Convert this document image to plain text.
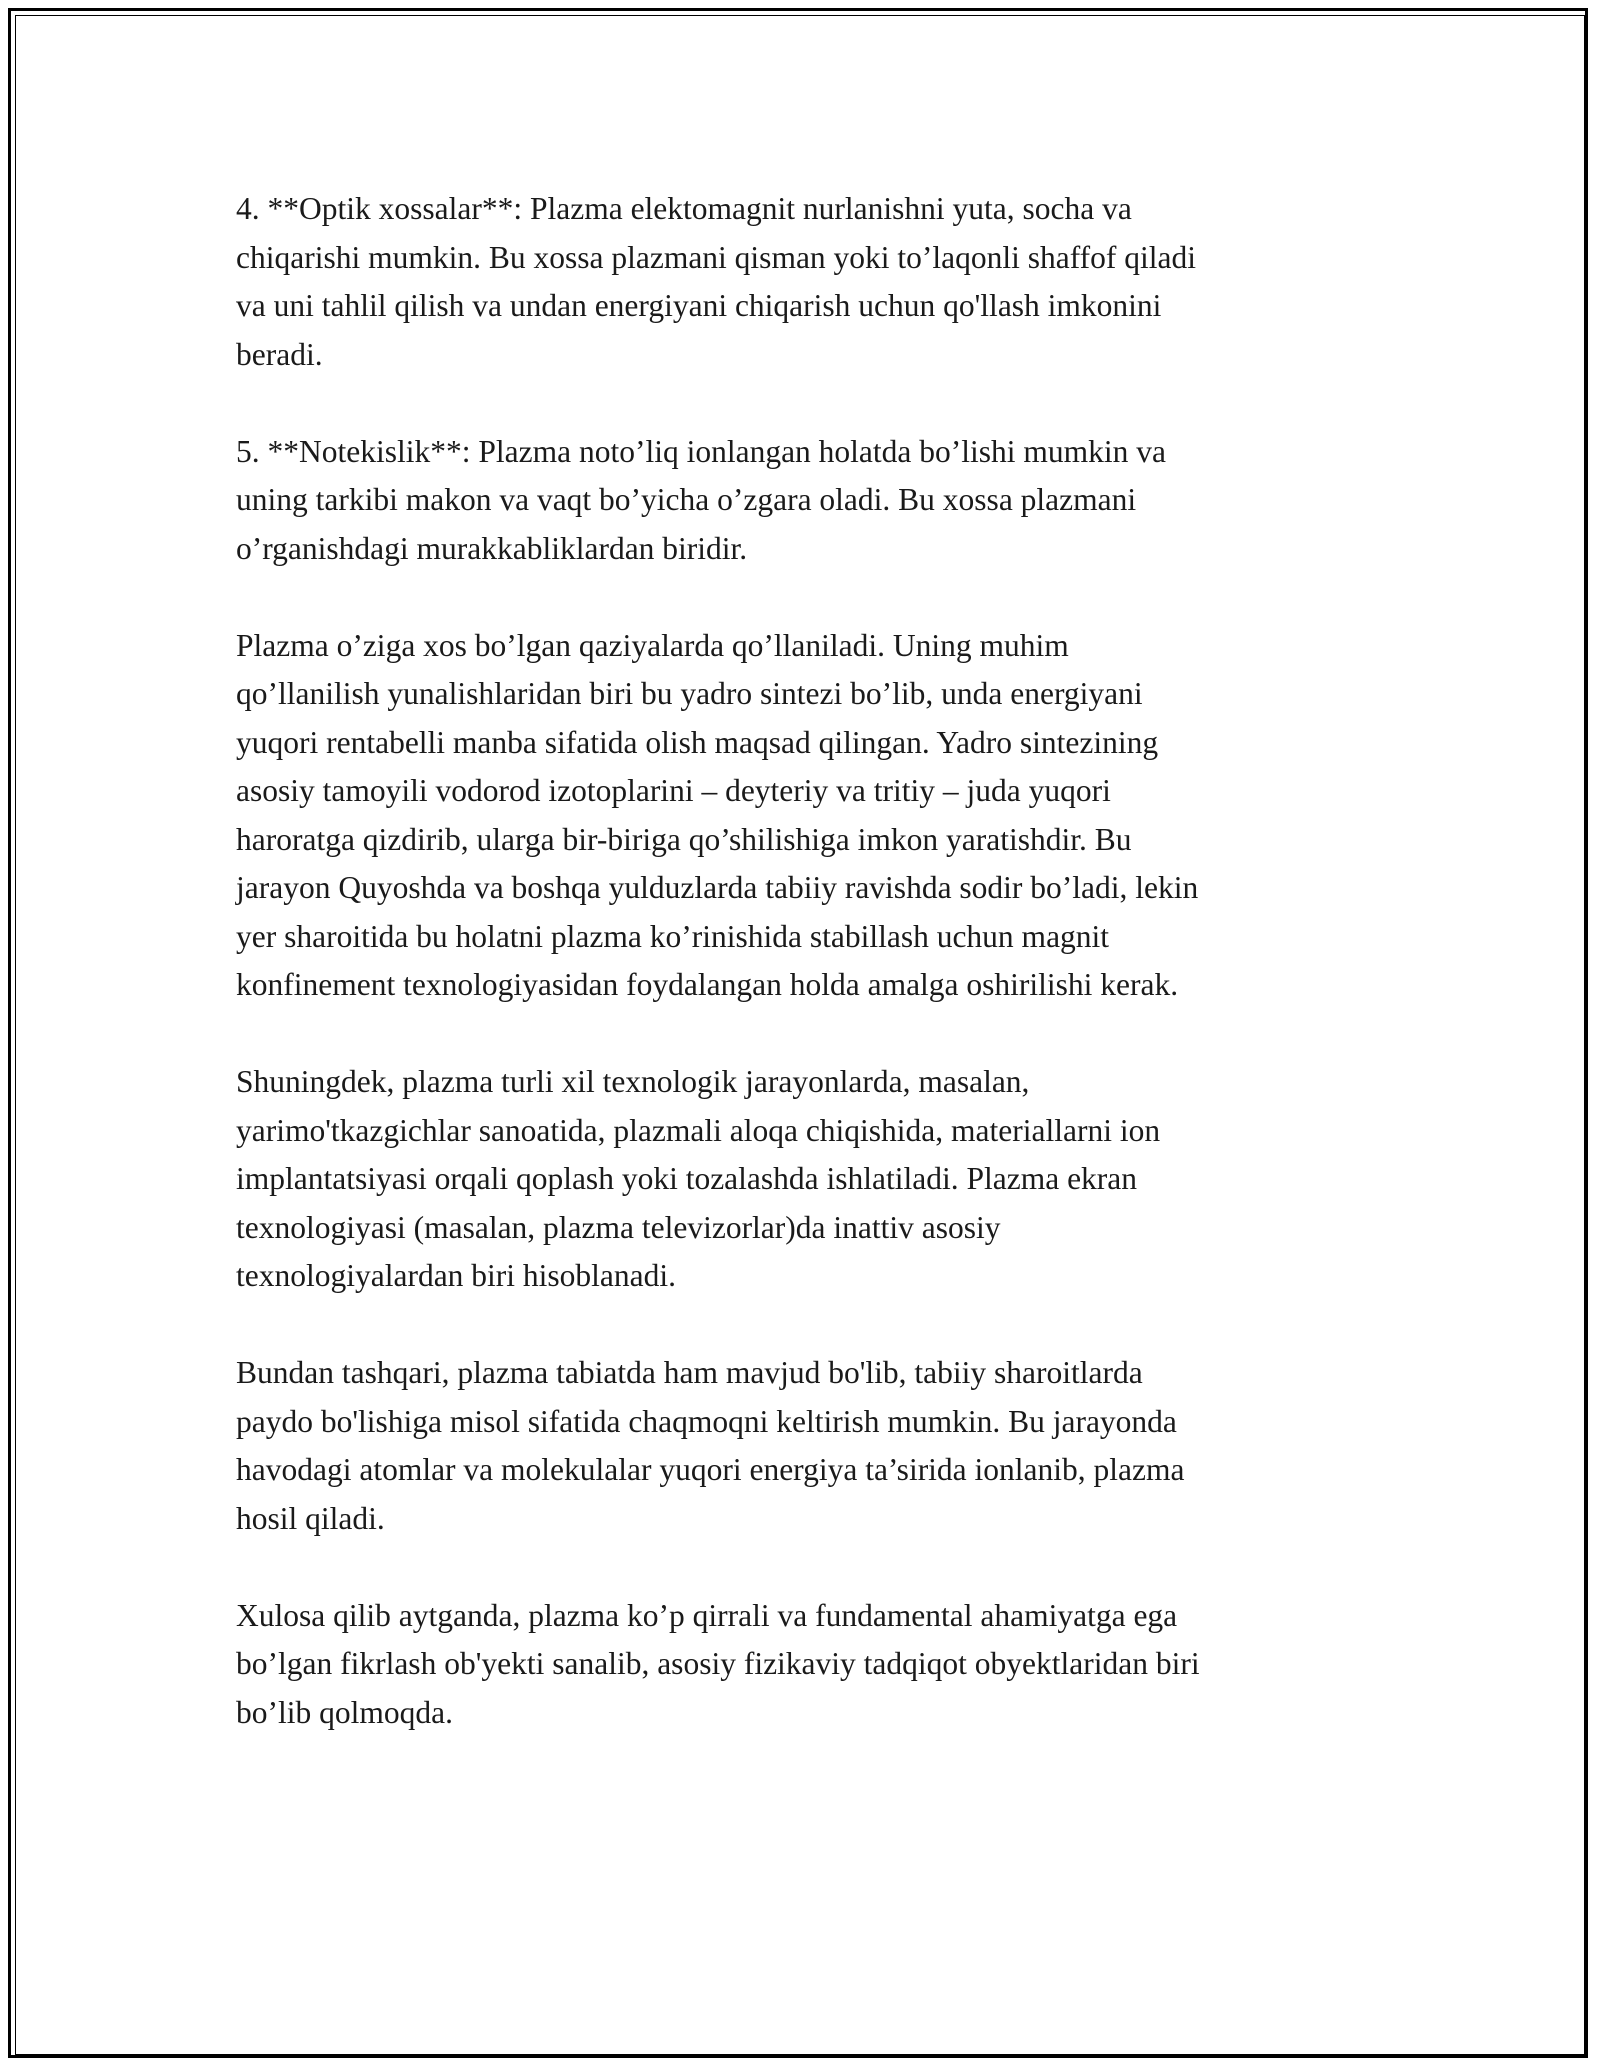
4. **Optik xossalar**: Plazma elektomagnit nurlanishni yuta, socha va
chiqarishi mumkin. Bu xossa plazmani qisman yoki to’laqonli shaffof qiladi
va uni tahlil qilish va undan energiyani chiqarish uchun qo'llash imkonini
beradi.

5. **Notekislik**: Plazma noto’liq ionlangan holatda bo’lishi mumkin va
uning tarkibi makon va vaqt bo’yicha o’zgara oladi. Bu xossa plazmani
o’rganishdagi murakkabliklardan biridir.

Plazma o’ziga xos bo’lgan qaziyalarda qo’llaniladi. Uning muhim
qo’llanilish yunalishlaridan biri bu yadro sintezi bo’lib, unda energiyani
yuqori rentabelli manba sifatida olish maqsad qilingan. Yadro sintezining
asosiy tamoyili vodorod izotoplarini – deyteriy va tritiy – juda yuqori
haroratga qizdirib, ularga bir-biriga qo’shilishiga imkon yaratishdir. Bu
jarayon Quyoshda va boshqa yulduzlarda tabiiy ravishda sodir bo’ladi, lekin
yer sharoitida bu holatni plazma ko’rinishida stabillash uchun magnit
konfinement texnologiyasidan foydalangan holda amalga oshirilishi kerak.

Shuningdek, plazma turli xil texnologik jarayonlarda, masalan,
yarimo'tkazgichlar sanoatida, plazmali aloqa chiqishida, materiallarni ion
implantatsiyasi orqali qoplash yoki tozalashda ishlatiladi. Plazma ekran
texnologiyasi (masalan, plazma televizorlar)da inattiv asosiy
texnologiyalardan biri hisoblanadi.

Bundan tashqari, plazma tabiatda ham mavjud bo'lib, tabiiy sharoitlarda
paydo bo'lishiga misol sifatida chaqmoqni keltirish mumkin. Bu jarayonda
havodagi atomlar va molekulalar yuqori energiya ta’sirida ionlanib, plazma
hosil qiladi.

Xulosa qilib aytganda, plazma ko’p qirrali va fundamental ahamiyatga ega
bo’lgan fikrlash ob'yekti sanalib, asosiy fizikaviy tadqiqot obyektlaridan biri
bo’lib qolmoqda.
